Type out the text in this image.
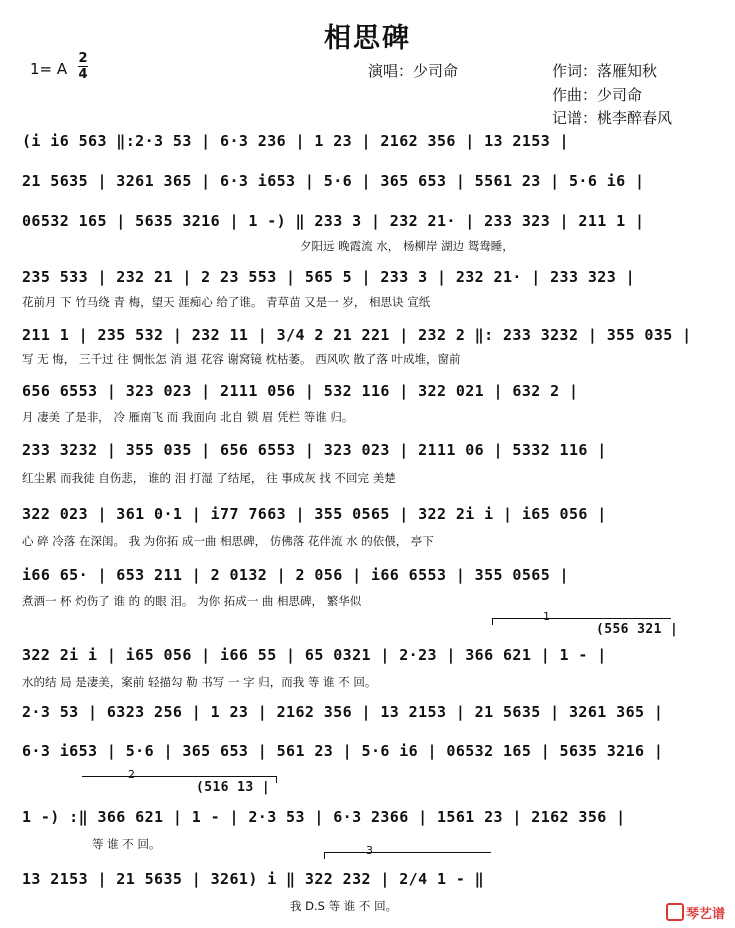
相思碑
1= A
2
4	演唱：少司命	作词：落雁知秋
作曲：少司命
记谱：桃李醉春风
(i i6 563 ‖:2·3 53 | 6·3 236 | 1 23 | 2162 356 | 13 2153 |
21 5635 | 3261 365 | 6·3 i653 | 5·6 | 365 653 | 5561 23 | 5·6 i6 |
06532 165 | 5635 3216 | 1 -) ‖ 233 3 | 232 21· | 233 323 | 211 1 |
夕阳远 晚霞流 水， 杨柳岸 湖边 鸳鸯睡，
235 533 | 232 21 | 2 23 553 | 565 5 | 233 3 | 232 21· | 233 323 |
花前月 下 竹马绕 青 梅，望天 涯痴心 给了谁。 青草苗 又是一 岁， 相思诀 宣纸
211 1 | 235 532 | 232 11 | 3/4 2 21 221 | 232 2 ‖: 233 3232 | 355 035 |
写 无 悔， 三千过 往 惆怅怎 消 退 花容 谢窝镜 枕枯萎。 西风吹 散了落 叶成堆，窗前
656 6553 | 323 023 | 2111 056 | 532 116 | 322 021 | 632 2 |
月 凄美 了是非， 冷 雁南飞 而 我面向 北自 锁 眉 凭栏 等谁 归。
233 3232 | 355 035 | 656 6553 | 323 023 | 2111 06 | 5332 116 |
红尘累 而我徒 自伤悲， 谁的 泪 打湿 了结尾， 往 事成灰 找 不回完 美楚
322 023 | 361 0·1 | i77 7663 | 355 0565 | 322 2i i | i65 056 |
心 碎 冷落 在深闺。 我 为你拓 成一曲 相思碑， 仿佛落 花伴流 水 的依偎， 亭下
i66 65· | 653 211 | 2 0132 | 2 056 | i66 6553 | 355 0565 |
煮酒一 杯 灼伤了 谁 的 的眼 泪。 为你 拓成一 曲 相思碑， 繁华似
1
(556 321 |
322 2i i | i65 056 | i66 55 | 65 0321 | 2·23 | 366 621 | 1 - |
水的结 局 是凄美，案前 轻描勾 勒 书写 一 字 归，而我 等 谁 不 回。
2·3 53 | 6323 256 | 1 23 | 2162 356 | 13 2153 | 21 5635 | 3261 365 |
6·3 i653 | 5·6 | 365 653 | 561 23 | 5·6 i6 | 06532 165 | 5635 3216 |
2
(516 13 |
1 -) :‖ 366 621 | 1 - | 2·3 53 | 6·3 2366 | 1561 23 | 2162 356 |
等 谁 不 回。	3
13 2153 | 21 5635 | 3261) i ‖ 322 232 | 2/4 1 - ‖
我 D.S 等 谁 不 回。
琴艺谱
